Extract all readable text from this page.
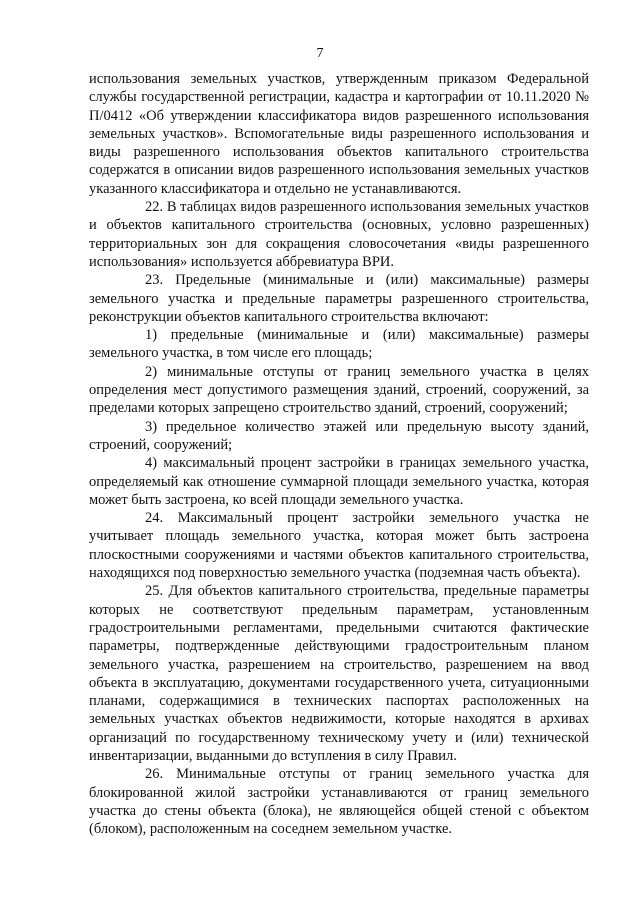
7

использования земельных участков, утвержденным приказом Федеральной службы государственной регистрации, кадастра и картографии от 10.11.2020 № П/0412 «Об утверждении классификатора видов разрешенного использования земельных участков». Вспомогательные виды разрешенного использования и виды разрешенного использования объектов капитального строительства содержатся в описании видов разрешенного использования земельных участков указанного классификатора и отдельно не устанавливаются.

22. В таблицах видов разрешенного использования земельных участков и объектов капитального строительства (основных, условно разрешенных) территориальных зон для сокращения словосочетания «виды разрешенного использования» используется аббревиатура ВРИ.

23. Предельные (минимальные и (или) максимальные) размеры земельного участка и предельные параметры разрешенного строительства, реконструкции объектов капитального строительства включают:

1) предельные (минимальные и (или) максимальные) размеры земельного участка, в том числе его площадь;

2) минимальные отступы от границ земельного участка в целях определения мест допустимого размещения зданий, строений, сооружений, за пределами которых запрещено строительство зданий, строений, сооружений;

3) предельное количество этажей или предельную высоту зданий, строений, сооружений;

4) максимальный процент застройки в границах земельного участка, определяемый как отношение суммарной площади земельного участка, которая может быть застроена, ко всей площади земельного участка.

24. Максимальный процент застройки земельного участка не учитывает площадь земельного участка, которая может быть застроена плоскостными сооружениями и частями объектов капитального строительства, находящихся под поверхностью земельного участка (подземная часть объекта).

25. Для объектов капитального строительства, предельные параметры которых не соответствуют предельным параметрам, установленным градостроительными регламентами, предельными считаются фактические параметры, подтвержденные действующими градостроительным планом земельного участка, разрешением на строительство, разрешением на ввод объекта в эксплуатацию, документами государственного учета, ситуационными планами, содержащимися в технических паспортах расположенных на земельных участках объектов недвижимости, которые находятся в архивах организаций по государственному техническому учету и (или) технической инвентаризации, выданными до вступления в силу Правил.

26. Минимальные отступы от границ земельного участка для блокированной жилой застройки устанавливаются от границ земельного участка до стены объекта (блока), не являющейся общей стеной с объектом (блоком), расположенным на соседнем земельном участке.
